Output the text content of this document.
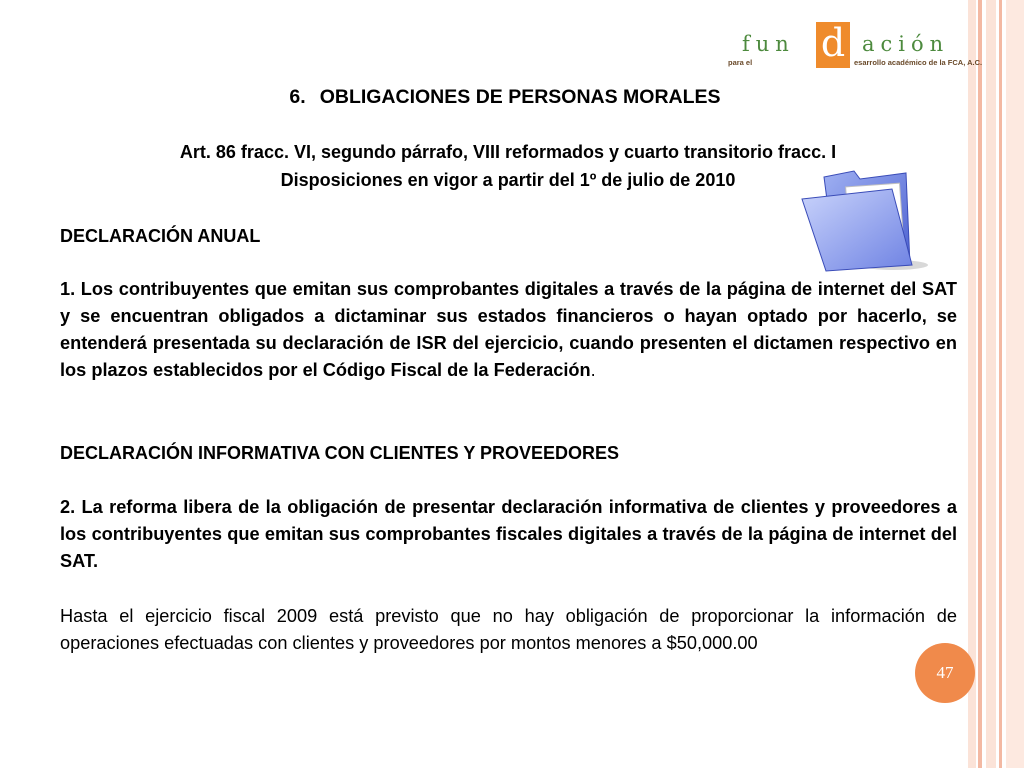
fun d ación
para el	esarrollo académico de la FCA, A.C.
6. OBLIGACIONES DE PERSONAS MORALES
Art. 86 fracc. VI, segundo párrafo, VIII reformados y cuarto transitorio fracc. I
Disposiciones en vigor a partir del 1º de julio de 2010
DECLARACIÓN ANUAL
1. Los contribuyentes que emitan sus comprobantes digitales a través de la página de internet del SAT y se encuentran obligados a dictaminar sus estados financieros o hayan optado por hacerlo, se entenderá presentada su declaración de ISR del ejercicio, cuando presenten el dictamen respectivo en los plazos establecidos por el Código Fiscal de la Federación.
DECLARACIÓN INFORMATIVA CON CLIENTES Y PROVEEDORES
2. La reforma libera de la obligación de presentar declaración informativa de clientes y proveedores a los contribuyentes que emitan sus comprobantes fiscales digitales a través de la página de internet del SAT.
Hasta el ejercicio fiscal 2009 está previsto que no hay obligación de proporcionar la información de operaciones efectuadas con clientes y proveedores por montos menores a $50,000.00
47
